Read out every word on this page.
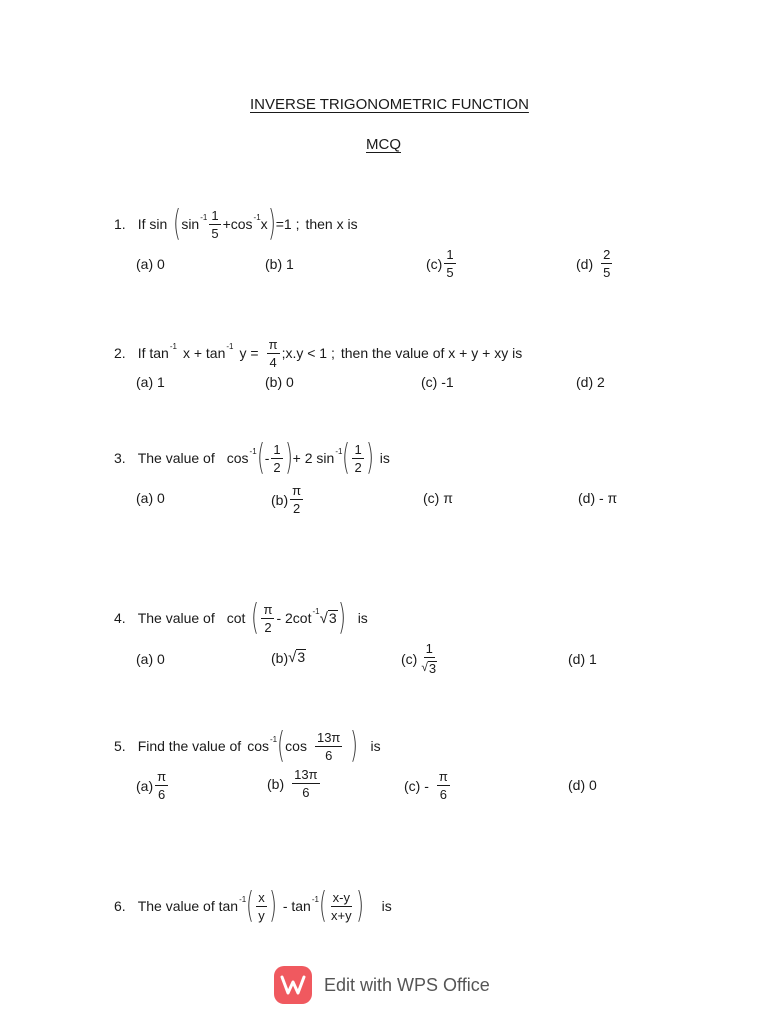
INVERSE TRIGONOMETRIC FUNCTION
MCQ
1. If sin ( $\sin -1 \frac{1}{5} +\cos$ -1 x ) =1 ; then x is
(a) 0	(b) 1	$(c) \frac{1}{5}$	$(d) \frac{2}{5}$
2. If tan -1 x + tan -1 $y = \frac{\pi}{4}$ ;x.y < 1 ; then the value of x + y + xy is
(a) 1	(b) 0	(c) -1	(d) 2
3. The value of cos -1 ( - $\frac{1}{2}$ ) + 2 sin -1 ( $\frac{1}{2}$ ) is
(a) 0	$(b) \frac{\pi}{2}$	(c) π	(d) - π
4. The value of cot ( $\frac{\pi}{2} - 2\cot$ -1 √ 3 ) is
(a) 0	(b) √ 3	$(c) \frac{1}{√ 3}$	(d) 1
5. Find the value of cos -1 ( $\cos \frac{13\pi}{6}$ ) is
$(a) \frac{\pi}{6}$	$(b) \frac{13\pi}{6}$	$(c) - \frac{\pi}{6}$	(d) 0
6. The value of tan -1 ( $\frac{x}{y}$ ) - tan -1 ( $\frac{x-y}{x+y}$ ) is
Edit with WPS Office
